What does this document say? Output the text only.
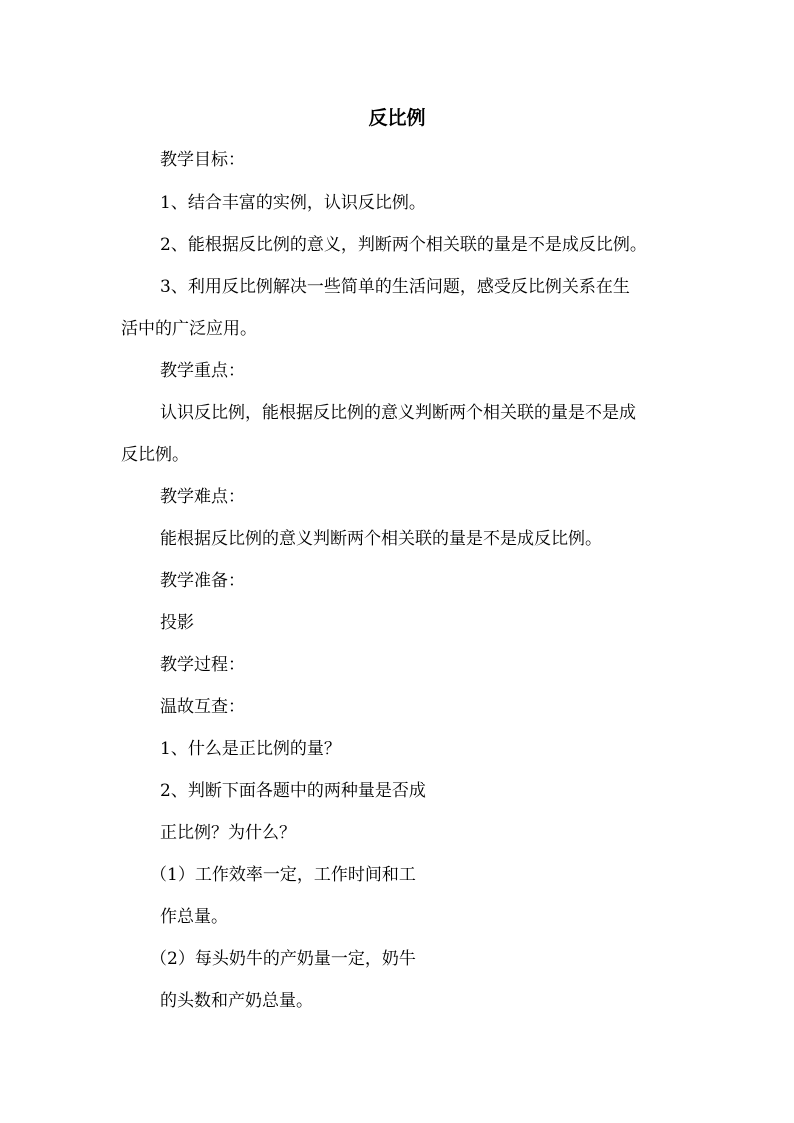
反比例
教学目标：
1、结合丰富的实例，认识反比例。
2、能根据反比例的意义，判断两个相关联的量是不是成反比例。
3、利用反比例解决一些简单的生活问题，感受反比例关系在生
活中的广泛应用。
教学重点：
认识反比例，能根据反比例的意义判断两个相关联的量是不是成
反比例。
教学难点：
能根据反比例的意义判断两个相关联的量是不是成反比例。
教学准备：
投影
教学过程：
温故互查：
1、什么是正比例的量？
2、判断下面各题中的两种量是否成
正比例？为什么？
（1）工作效率一定，工作时间和工
作总量。
（2）每头奶牛的产奶量一定，奶牛
的头数和产奶总量。
